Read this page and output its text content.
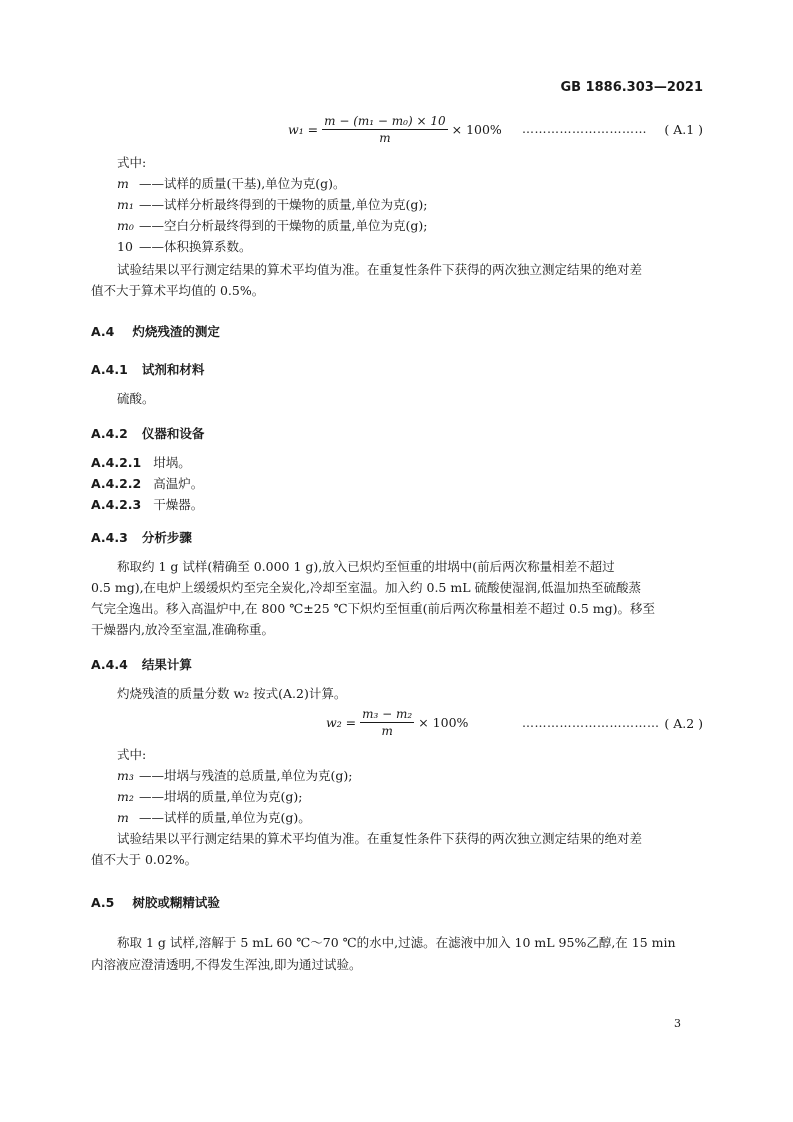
GB 1886.303—2021
$w_1 = \frac{\text{m − (m₁ − m₀) × 10}}{m} \times 100\%$ ………………………… ( A.1 )
式中:
m ——试样的质量(干基),单位为克(g)。
m₁ ——试样分析最终得到的干燥物的质量,单位为克(g);
m₀ ——空白分析最终得到的干燥物的质量,单位为克(g);
10 ——体积换算系数。
试验结果以平行测定结果的算术平均值为准。在重复性条件下获得的两次独立测定结果的绝对差
值不大于算术平均值的 0.5%。
A.4 灼烧残渣的测定
A.4.1 试剂和材料
硫酸。
A.4.2 仪器和设备
A.4.2.1 坩埚。
A.4.2.2 高温炉。
A.4.2.3 干燥器。
A.4.3 分析步骤
称取约 1 g 试样(精确至 0.000 1 g),放入已炽灼至恒重的坩埚中(前后两次称量相差不超过
0.5 mg),在电炉上缓缓炽灼至完全炭化,冷却至室温。加入约 0.5 mL 硫酸使湿润,低温加热至硫酸蒸
气完全逸出。移入高温炉中,在 800 ℃±25 ℃下炽灼至恒重(前后两次称量相差不超过 0.5 mg)。移至
干燥器内,放冷至室温,准确称重。
A.4.4 结果计算
灼烧残渣的质量分数 w₂ 按式(A.2)计算。
$w_2 = \frac{\text{m₃ − m₂}}{m} \times 100\%$	…………………………… ( A.2 )
式中:
m₃ ——坩埚与残渣的总质量,单位为克(g);
m₂ ——坩埚的质量,单位为克(g);
m ——试样的质量,单位为克(g)。
试验结果以平行测定结果的算术平均值为准。在重复性条件下获得的两次独立测定结果的绝对差
值不大于 0.02%。
A.5 树胶或糊精试验
称取 1 g 试样,溶解于 5 mL 60 ℃～70 ℃的水中,过滤。在滤液中加入 10 mL 95%乙醇,在 15 min
内溶液应澄清透明,不得发生浑浊,即为通过试验。
3
